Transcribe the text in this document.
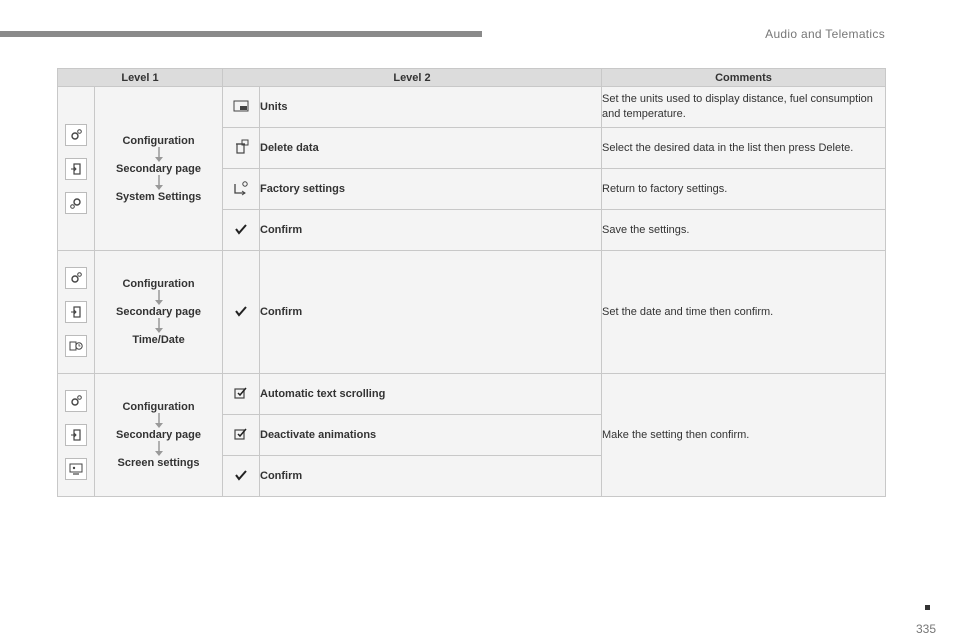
Audio and Telematics
Level 1		Level 2		Comments

Configuration
Secondary page
System Settings		Units	Set the units used to display distance, fuel consumption and temperature.
	Delete data	Select the desired data in the list then press Delete.
	Factory settings	Return to factory settings.
	Confirm	Save the settings.

Configuration
Secondary page
Time/Date		Confirm	Set the date and time then confirm.

Configuration
Secondary page
Screen settings		Automatic text scrolling	Make the setting then confirm.
	Deactivate animations	
	Confirm	
335
